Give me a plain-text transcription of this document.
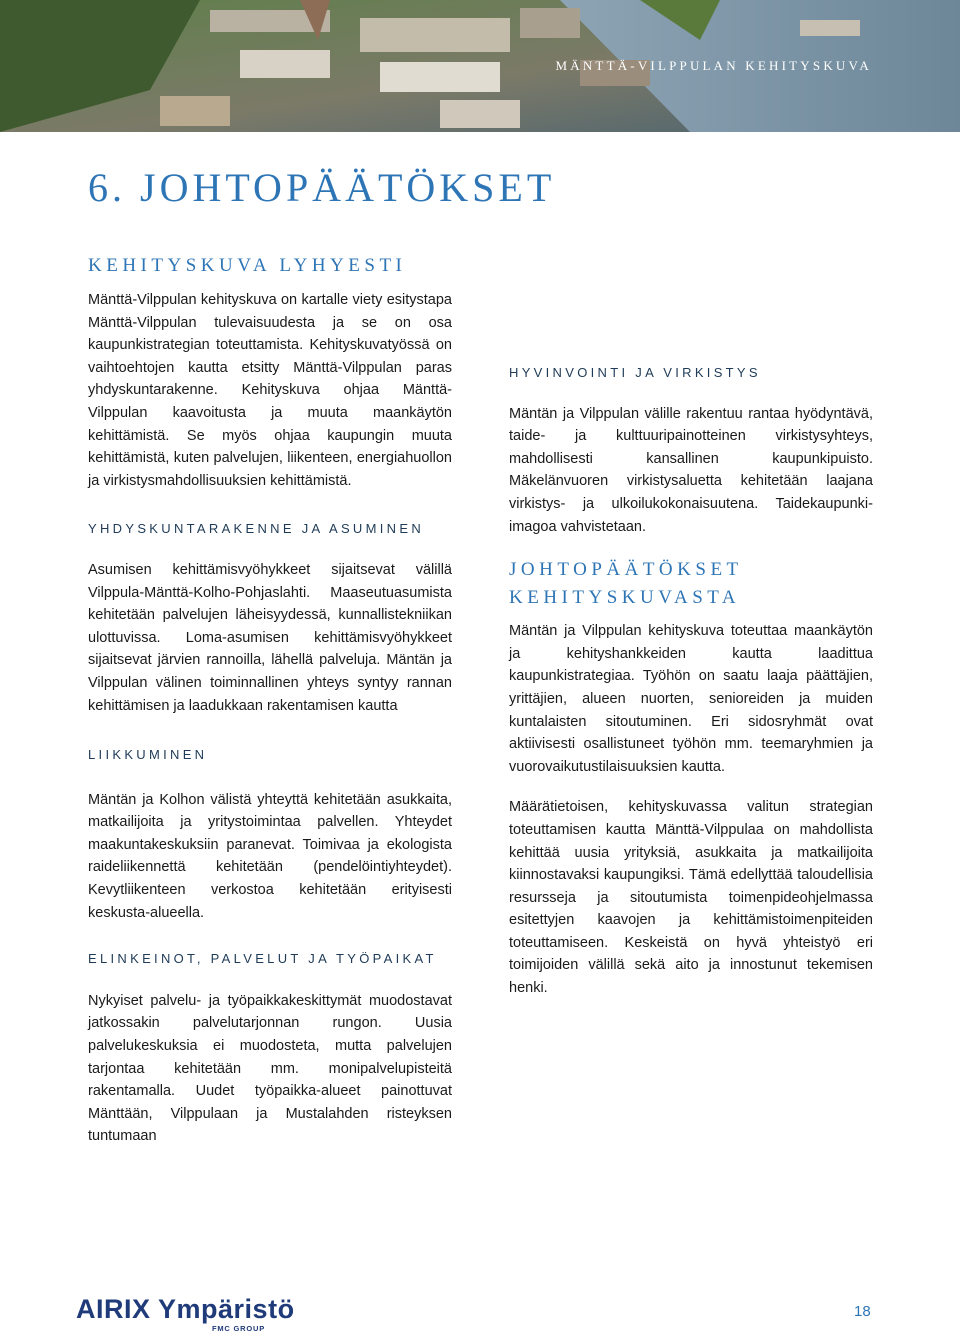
MÄNTTÄ-VILPPULAN KEHITYSKUVA
6. JOHTOPÄÄTÖKSET
KEHITYSKUVA LYHYESTI

Mänttä-Vilppulan kehityskuva on kartalle viety esitystapa Mänttä-Vilppulan tulevaisuudesta ja se on osa kaupunkistrategian toteuttamista. Kehityskuvatyössä on vaihtoehtojen kautta etsitty Mänttä-Vilppulan paras yhdyskuntarakenne. Kehityskuva ohjaa Mänttä-Vilppulan kaavoitusta ja muuta maankäytön kehittämistä. Se myös ohjaa kaupungin muuta kehittämistä, kuten palvelujen, liikenteen, energiahuollon ja virkistysmahdollisuuksien kehittämistä.

YHDYSKUNTARAKENNE JA ASUMINEN

Asumisen kehittämisvyöhykkeet sijaitsevat välillä Vilppula-Mänttä-Kolho-Pohjaslahti. Maaseutuasumista kehitetään palvelujen läheisyydessä, kunnallistekniikan ulottuvissa. Loma-asumisen kehittämisvyöhykkeet sijaitsevat järvien rannoilla, lähellä palveluja. Mäntän ja Vilppulan välinen toiminnallinen yhteys syntyy rannan kehittämisen ja laadukkaan rakentamisen kautta

LIIKKUMINEN

Mäntän ja Kolhon välistä yhteyttä kehitetään asukkaita, matkailijoita ja yritystoimintaa palvellen. Yhteydet maakuntakeskuksiin paranevat. Toimivaa ja ekologista raideliikennettä kehitetään (pendelöintiyhteydet). Kevytliikenteen verkostoa kehitetään erityisesti keskusta-alueella.

ELINKEINOT, PALVELUT JA TYÖPAIKAT

Nykyiset palvelu- ja työpaikkakeskittymät muodostavat jatkossakin palvelutarjonnan rungon. Uusia palvelukeskuksia ei muodosteta, mutta palvelujen tarjontaa kehitetään mm. monipalvelupisteitä rakentamalla. Uudet työpaikka-alueet painottuvat Mänttään, Vilppulaan ja Mustalahden risteyksen tuntumaan

HYVINVOINTI JA VIRKISTYS

Mäntän ja Vilppulan välille rakentuu rantaa hyödyntävä, taide- ja kulttuuripainotteinen virkistysyhteys, mahdollisesti kansallinen kaupunkipuisto. Mäkelänvuoren virkistysaluetta kehitetään laajana virkistys- ja ulkoilukokonaisuutena. Taidekaupunki-imagoa vahvistetaan.

JOHTOPÄÄTÖKSET KEHITYSKUVASTA

Mäntän ja Vilppulan kehityskuva toteuttaa maankäytön ja kehityshankkeiden kautta laadittua kaupunkistrategiaa. Työhön on saatu laaja päättäjien, yrittäjien, alueen nuorten, senioreiden ja muiden kuntalaisten sitoutuminen. Eri sidosryhmät ovat aktiivisesti osallistuneet työhön mm. teemaryhmien ja vuorovaikutustilaisuuksien kautta.

Määrätietoisen, kehityskuvassa valitun strategian toteuttamisen kautta Mänttä-Vilppulaa on mahdollista kehittää uusia yrityksiä, asukkaita ja matkailijoita kiinnostavaksi kaupungiksi. Tämä edellyttää taloudellisia resursseja ja sitoutumista toimenpideohjelmassa esitettyjen kaavojen ja kehittämistoimenpiteiden toteuttamiseen. Keskeistä on hyvä yhteistyö eri toimijoiden välillä sekä aito ja innostunut tekemisen henki.

AIRIX Ympäristö
FMC GROUP
18
